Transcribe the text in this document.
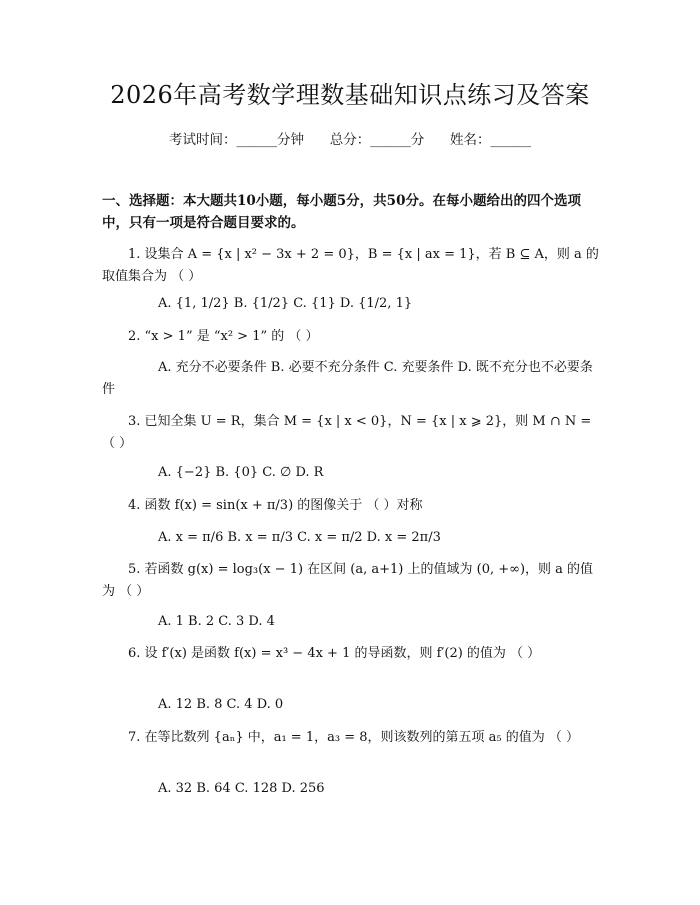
2026年高考数学理数基础知识点练习及答案
考试时间：______分钟      总分：______分      姓名：______
一、选择题：本大题共10小题，每小题5分，共50分。在每小题给出的四个选项中，只有一项是符合题目要求的。
1. 设集合 A = {x | x² − 3x + 2 = 0}，B = {x | ax = 1}，若 B ⊆ A，则 a 的取值集合为 （ ）
A. {1, 1/2} B. {1/2} C. {1} D. {1/2, 1}
2. “x > 1” 是 “x² > 1” 的 （ ）
A. 充分不必要条件 B. 必要不充分条件 C. 充要条件 D. 既不充分也不必要条件
3. 已知全集 U = R，集合 M = {x | x < 0}，N = {x | x ⩾ 2}，则 M ∩ N = （ ）
A. {−2} B. {0} C. ∅ D. R
4. 函数 f(x) = sin(x + π/3) 的图像关于 （ ）对称
A. x = π/6 B. x = π/3 C. x = π/2 D. x = 2π/3
5. 若函数 g(x) = log₃(x − 1) 在区间 (a, a+1) 上的值域为 (0, +∞)，则 a 的值为 （ ）
A. 1 B. 2 C. 3 D. 4
6. 设 f′(x) 是函数 f(x) = x³ − 4x + 1 的导函数，则 f′(2) 的值为 （ ）
A. 12 B. 8 C. 4 D. 0
7. 在等比数列 {aₙ} 中，a₁ = 1，a₃ = 8，则该数列的第五项 a₅ 的值为 （ ）
A. 32 B. 64 C. 128 D. 256
